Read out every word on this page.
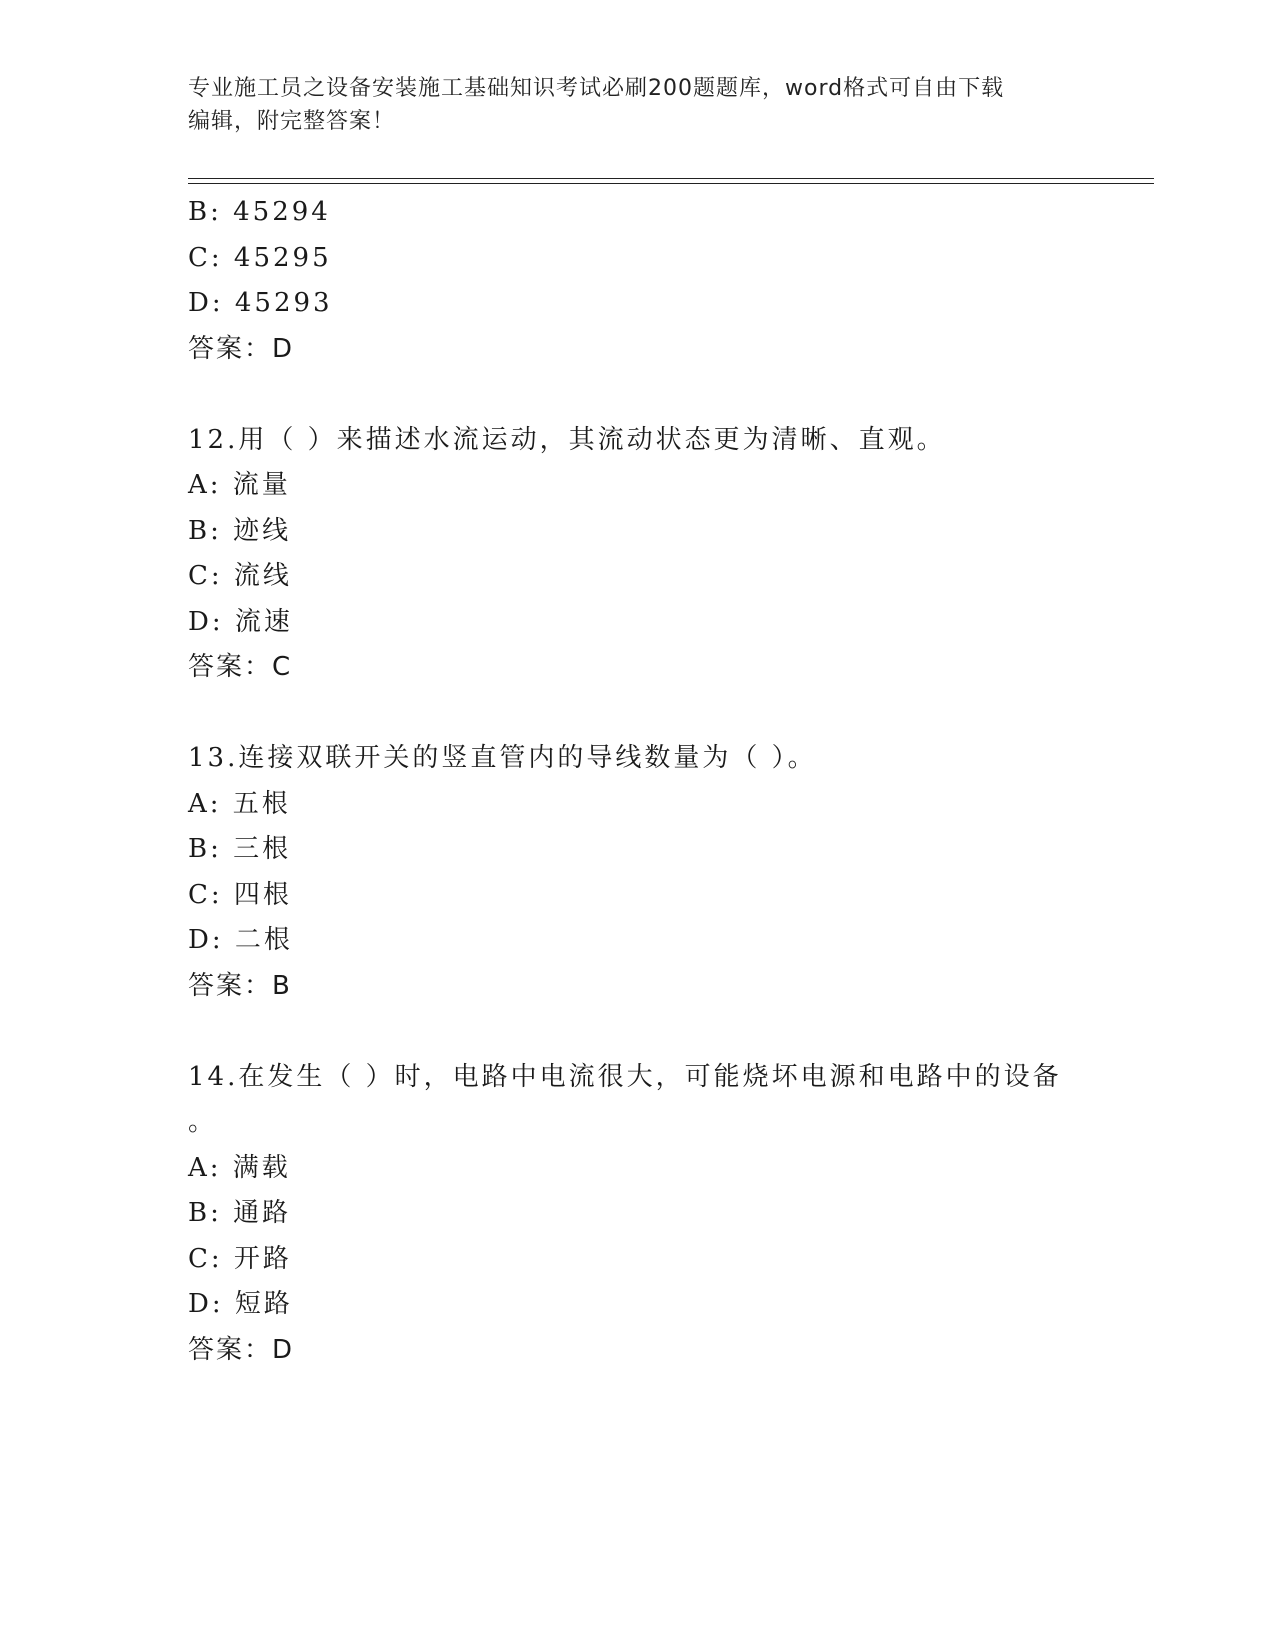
专业施工员之设备安装施工基础知识考试必刷200题题库，word格式可自由下载
编辑，附完整答案！
B: 45294
C: 45295
D: 45293
答案：D
12.用（ ）来描述水流运动，其流动状态更为清晰、直观。
A: 流量
B: 迹线
C: 流线
D: 流速
答案：C
13.连接双联开关的竖直管内的导线数量为（ ）。
A: 五根
B: 三根
C: 四根
D: 二根
答案：B
14.在发生（ ）时，电路中电流很大，可能烧坏电源和电路中的设备
。
A: 满载
B: 通路
C: 开路
D: 短路
答案：D
